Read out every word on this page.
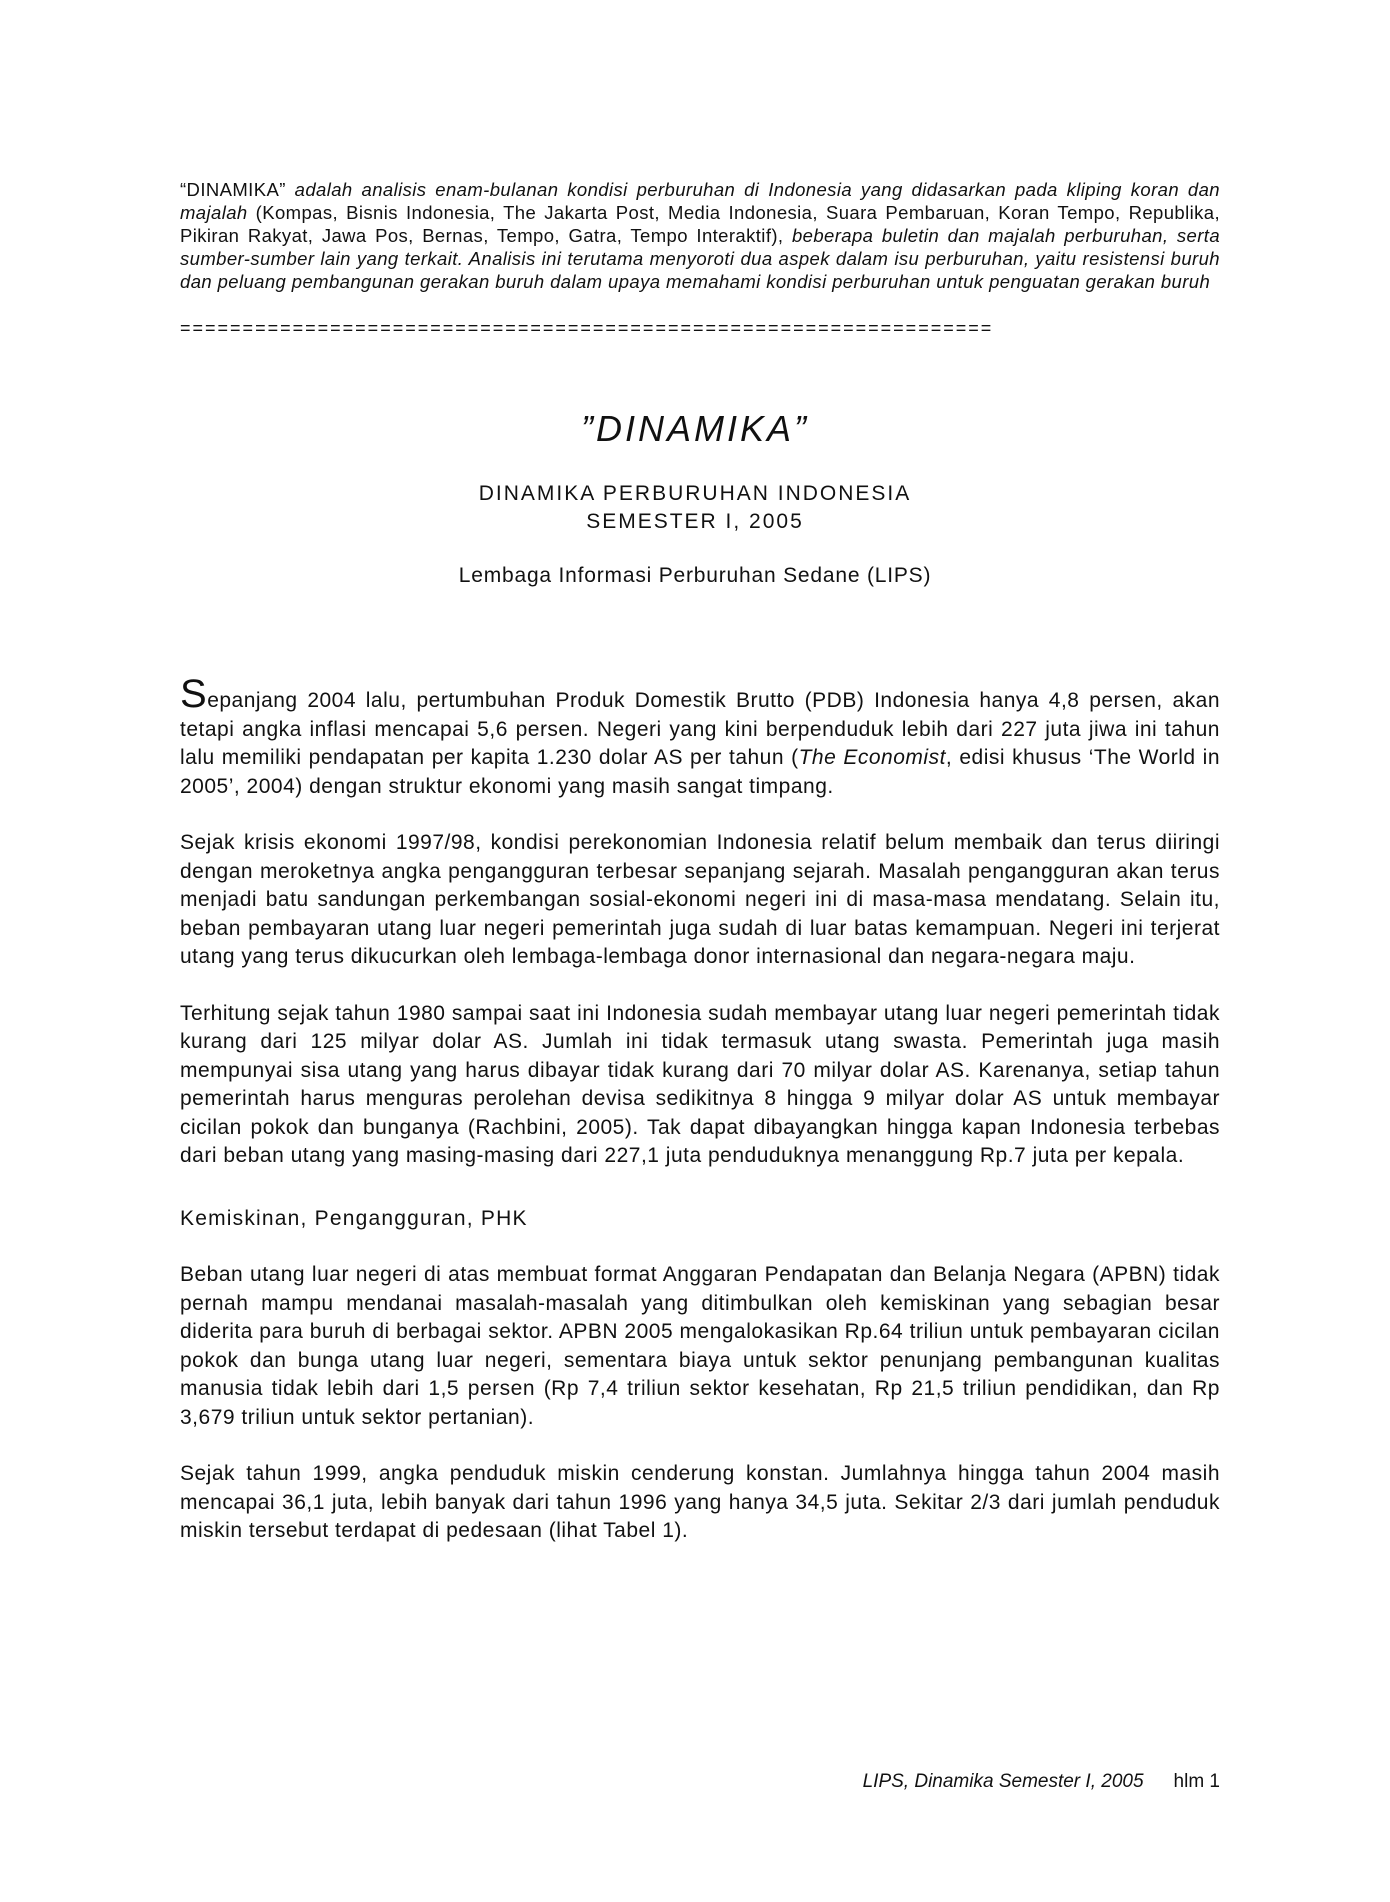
“DINAMIKA” adalah analisis enam-bulanan kondisi perburuhan di Indonesia yang didasarkan pada kliping koran dan majalah (Kompas, Bisnis Indonesia, The Jakarta Post, Media Indonesia, Suara Pembaruan, Koran Tempo, Republika, Pikiran Rakyat, Jawa Pos, Bernas, Tempo, Gatra, Tempo Interaktif), beberapa buletin dan majalah perburuhan, serta sumber-sumber lain yang terkait. Analisis ini terutama menyoroti dua aspek dalam isu perburuhan, yaitu resistensi buruh dan peluang pembangunan gerakan buruh dalam upaya memahami kondisi perburuhan untuk penguatan gerakan buruh

=================================================================
”DINAMIKA”
DINAMIKA PERBURUHAN INDONESIA
SEMESTER I, 2005
Lembaga Informasi Perburuhan Sedane (LIPS)

Sepanjang 2004 lalu, pertumbuhan Produk Domestik Brutto (PDB) Indonesia hanya 4,8 persen, akan tetapi angka inflasi mencapai 5,6 persen. Negeri yang kini berpenduduk lebih dari 227 juta jiwa ini tahun lalu memiliki pendapatan per kapita 1.230 dolar AS per tahun (The Economist, edisi khusus ‘The World in 2005’, 2004) dengan struktur ekonomi yang masih sangat timpang.

Sejak krisis ekonomi 1997/98, kondisi perekonomian Indonesia relatif belum membaik dan terus diiringi dengan meroketnya angka pengangguran terbesar sepanjang sejarah. Masalah pengangguran akan terus menjadi batu sandungan perkembangan sosial-ekonomi negeri ini di masa-masa mendatang. Selain itu, beban pembayaran utang luar negeri pemerintah juga sudah di luar batas kemampuan. Negeri ini terjerat utang yang terus dikucurkan oleh lembaga-lembaga donor internasional dan negara-negara maju.

Terhitung sejak tahun 1980 sampai saat ini Indonesia sudah membayar utang luar negeri pemerintah tidak kurang dari 125 milyar dolar AS. Jumlah ini tidak termasuk utang swasta. Pemerintah juga masih mempunyai sisa utang yang harus dibayar tidak kurang dari 70 milyar dolar AS. Karenanya, setiap tahun pemerintah harus menguras perolehan devisa sedikitnya 8 hingga 9 milyar dolar AS untuk membayar cicilan pokok dan bunganya (Rachbini, 2005). Tak dapat dibayangkan hingga kapan Indonesia terbebas dari beban utang yang masing-masing dari 227,1 juta penduduknya menanggung Rp.7 juta per kepala.

Kemiskinan, Pengangguran, PHK

Beban utang luar negeri di atas membuat format Anggaran Pendapatan dan Belanja Negara (APBN) tidak pernah mampu mendanai masalah-masalah yang ditimbulkan oleh kemiskinan yang sebagian besar diderita para buruh di berbagai sektor. APBN 2005 mengalokasikan Rp.64 triliun untuk pembayaran cicilan pokok dan bunga utang luar negeri, sementara biaya untuk sektor penunjang pembangunan kualitas manusia tidak lebih dari 1,5 persen (Rp 7,4 triliun sektor kesehatan, Rp 21,5 triliun pendidikan, dan Rp 3,679 triliun untuk sektor pertanian).

Sejak tahun 1999, angka penduduk miskin cenderung konstan. Jumlahnya hingga tahun 2004 masih mencapai 36,1 juta, lebih banyak dari tahun 1996 yang hanya 34,5 juta. Sekitar 2/3 dari jumlah penduduk miskin tersebut terdapat di pedesaan (lihat Tabel 1).

LIPS, Dinamika Semester I, 2005 hlm 1
